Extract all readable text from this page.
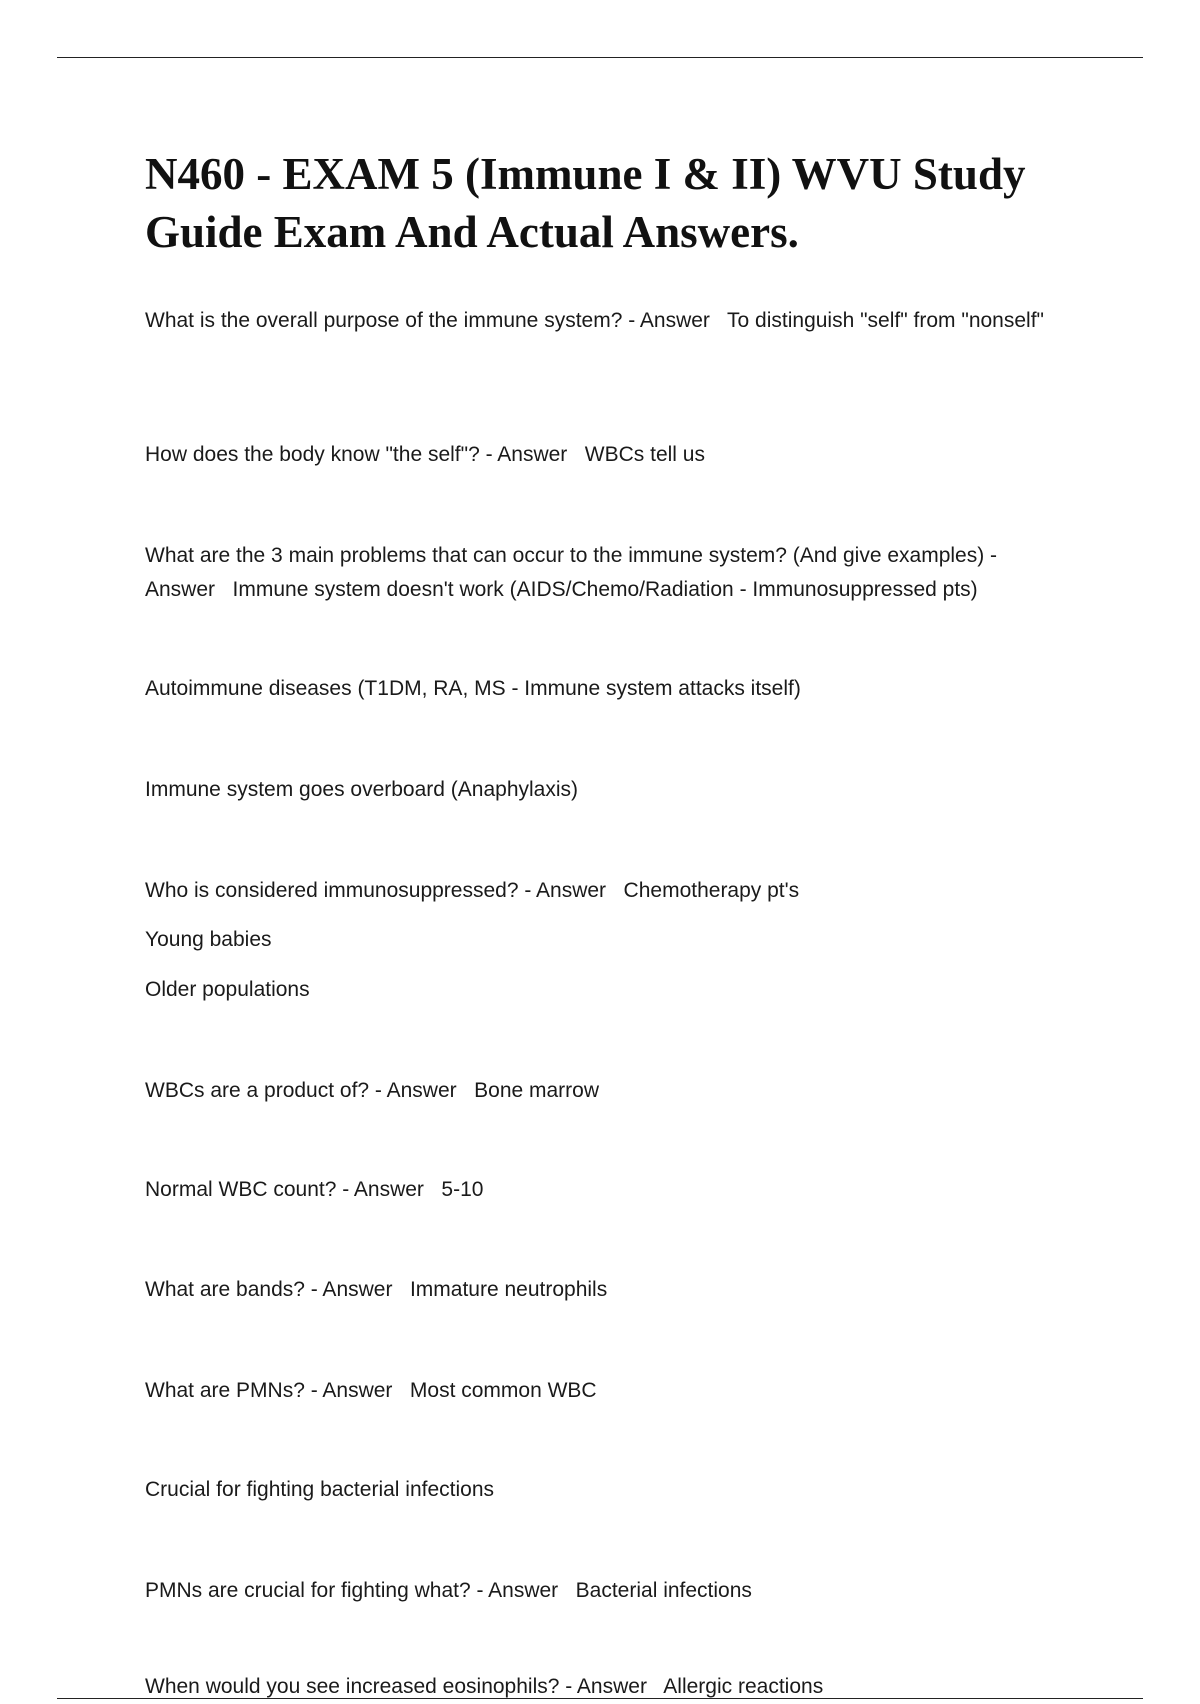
N460 - EXAM 5 (Immune I & II) WVU Study Guide Exam And Actual Answers.

What is the overall purpose of the immune system? - Answer   To distinguish "self" from "nonself"

How does the body know "the self"? - Answer   WBCs tell us

What are the 3 main problems that can occur to the immune system? (And give examples) - Answer   Immune system doesn't work (AIDS/Chemo/Radiation - Immunosuppressed pts)

Autoimmune diseases (T1DM, RA, MS - Immune system attacks itself)

Immune system goes overboard (Anaphylaxis)

Who is considered immunosuppressed? - Answer   Chemotherapy pt's

Young babies

Older populations

WBCs are a product of? - Answer   Bone marrow

Normal WBC count? - Answer   5-10

What are bands? - Answer   Immature neutrophils

What are PMNs? - Answer   Most common WBC

Crucial for fighting bacterial infections

PMNs are crucial for fighting what? - Answer   Bacterial infections

When would you see increased eosinophils? - Answer   Allergic reactions
